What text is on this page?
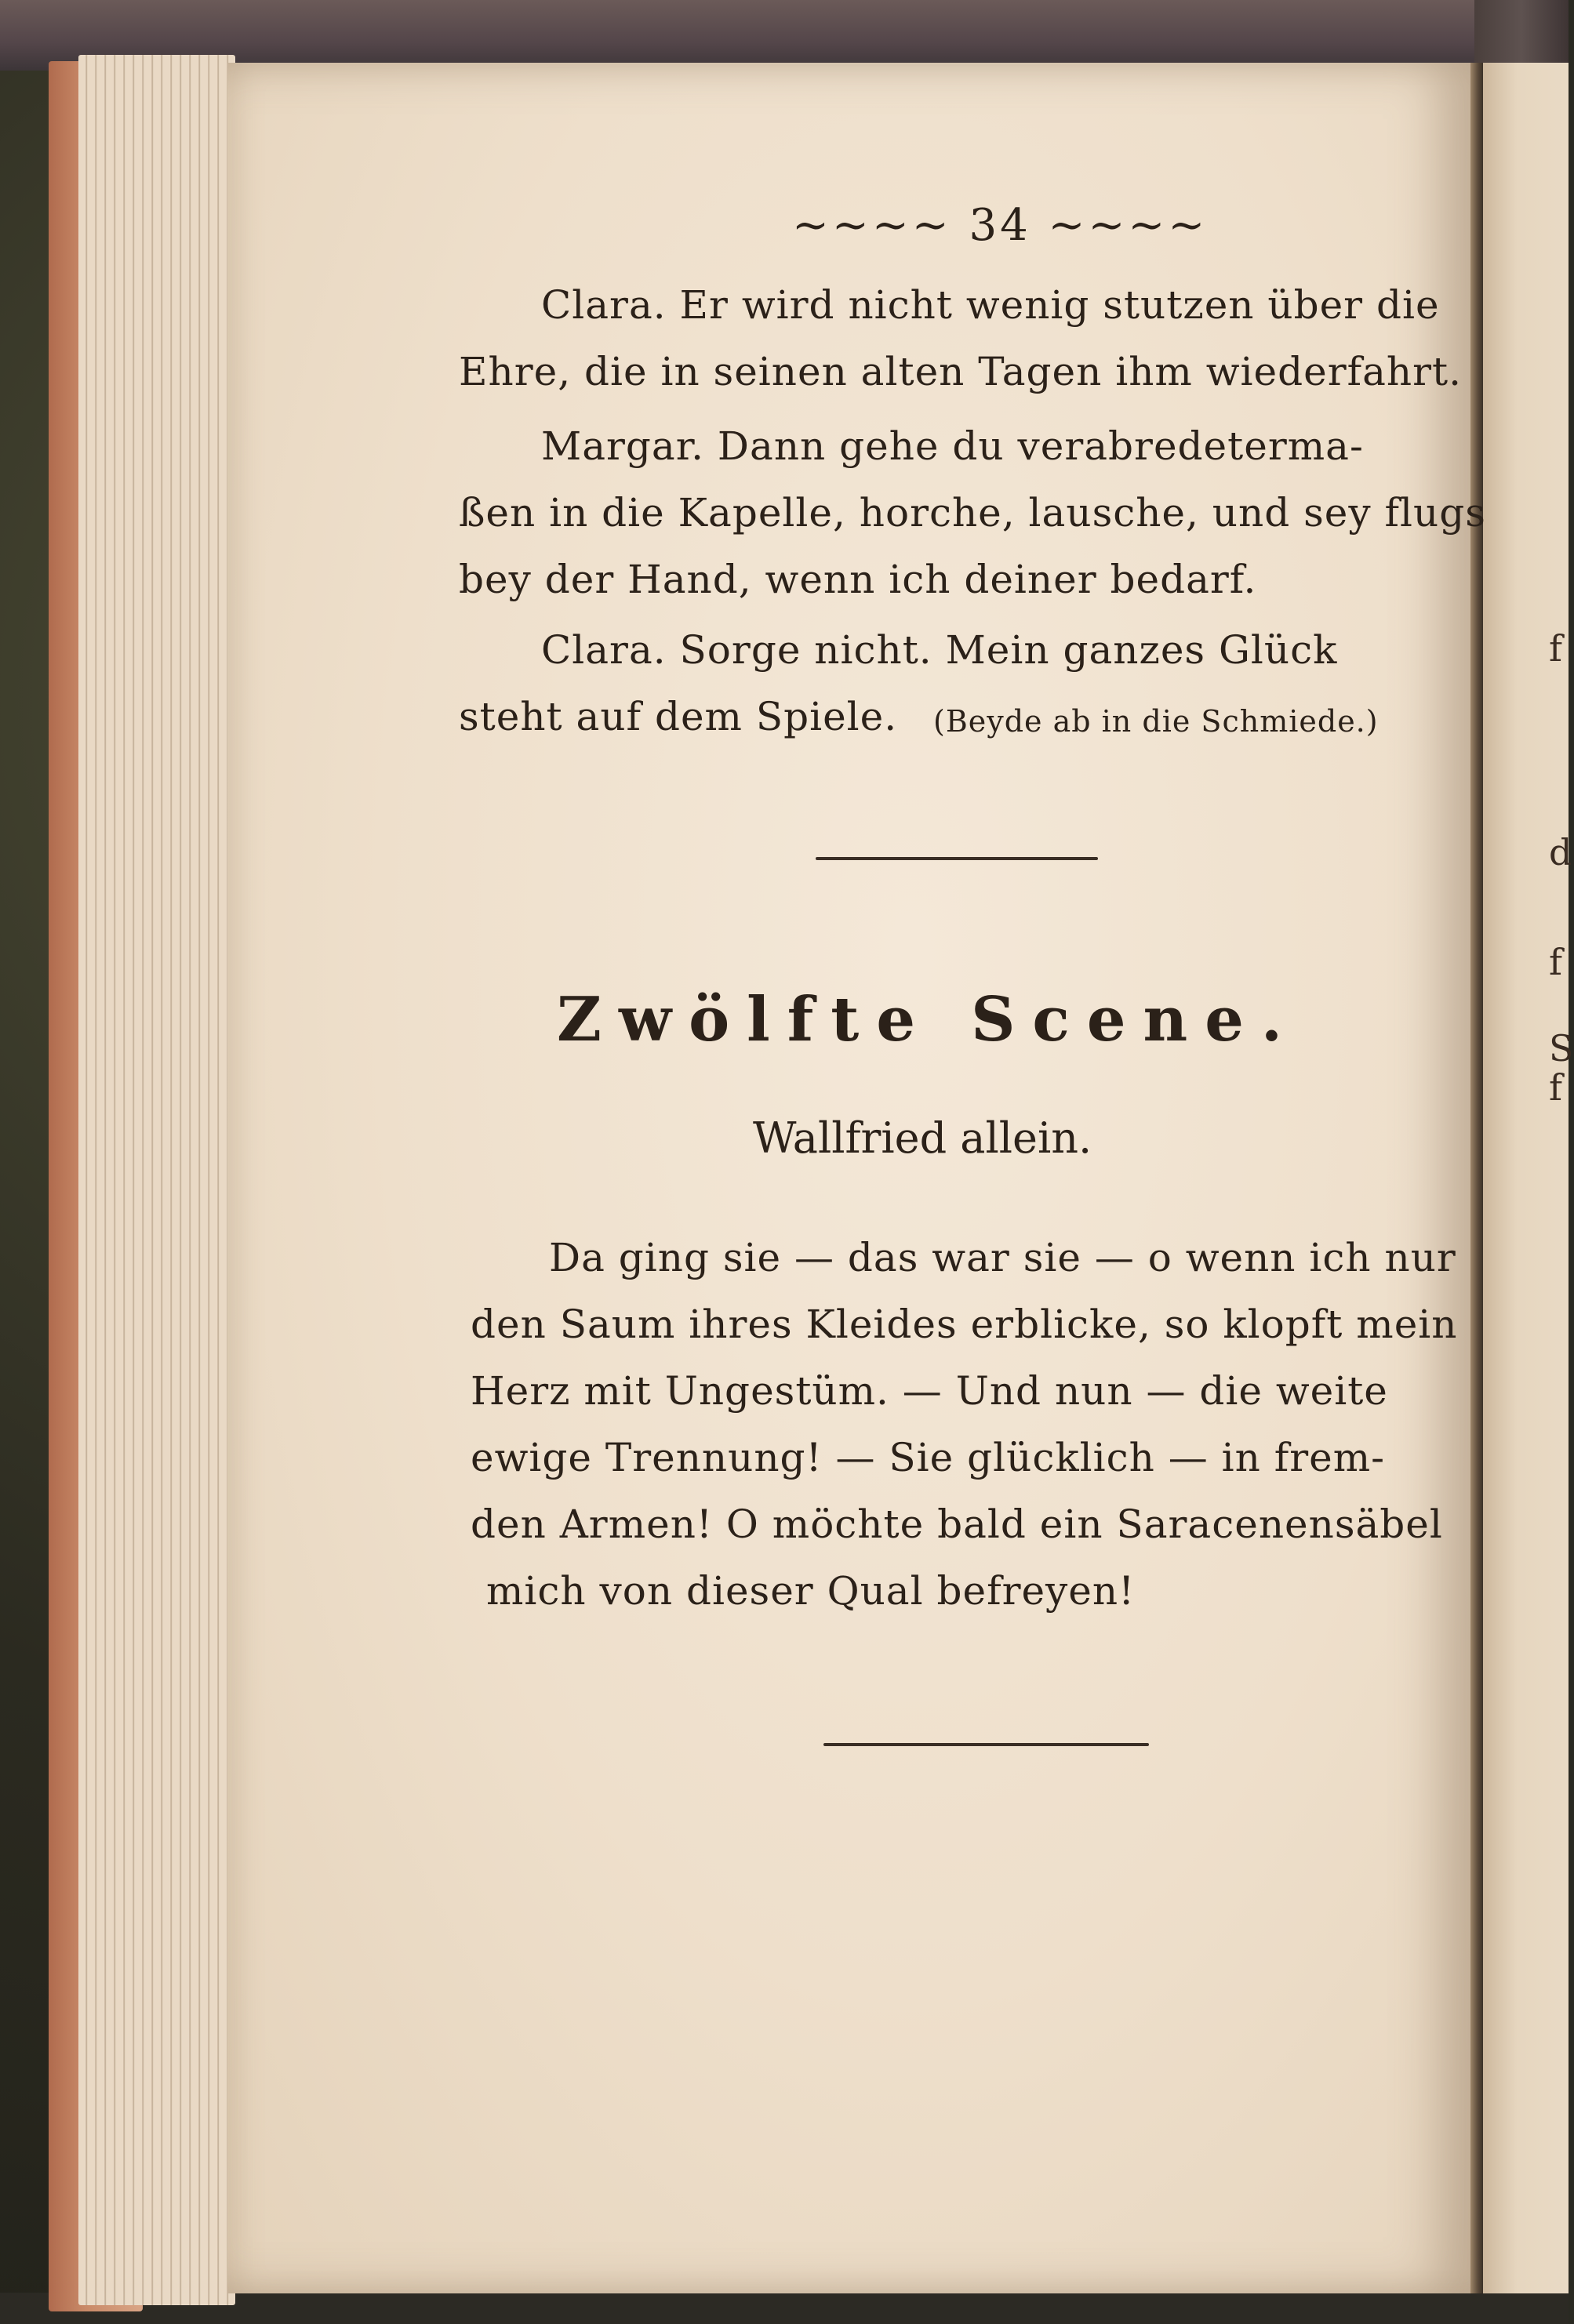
f
d
f
S
f
~~~~ 34 ~~~~
Clara. Er wird nicht wenig stutzen über die
Ehre, die in seinen alten Tagen ihm wiederfahrt.
Margar. Dann gehe du verabredeterma-
ßen in die Kapelle, horche, lausche, und sey flugs
bey der Hand, wenn ich deiner bedarf.
Clara. Sorge nicht. Mein ganzes Glück
steht auf dem Spiele. (Beyde ab in die Schmiede.)
Zwölfte Scene.
Wallfried allein.
Da ging sie — das war sie — o wenn ich nur
den Saum ihres Kleides erblicke, so klopft mein
Herz mit Ungestüm. — Und nun — die weite
ewige Trennung! — Sie glücklich — in frem-
den Armen! O möchte bald ein Saracenensäbel
mich von dieser Qual befreyen!
